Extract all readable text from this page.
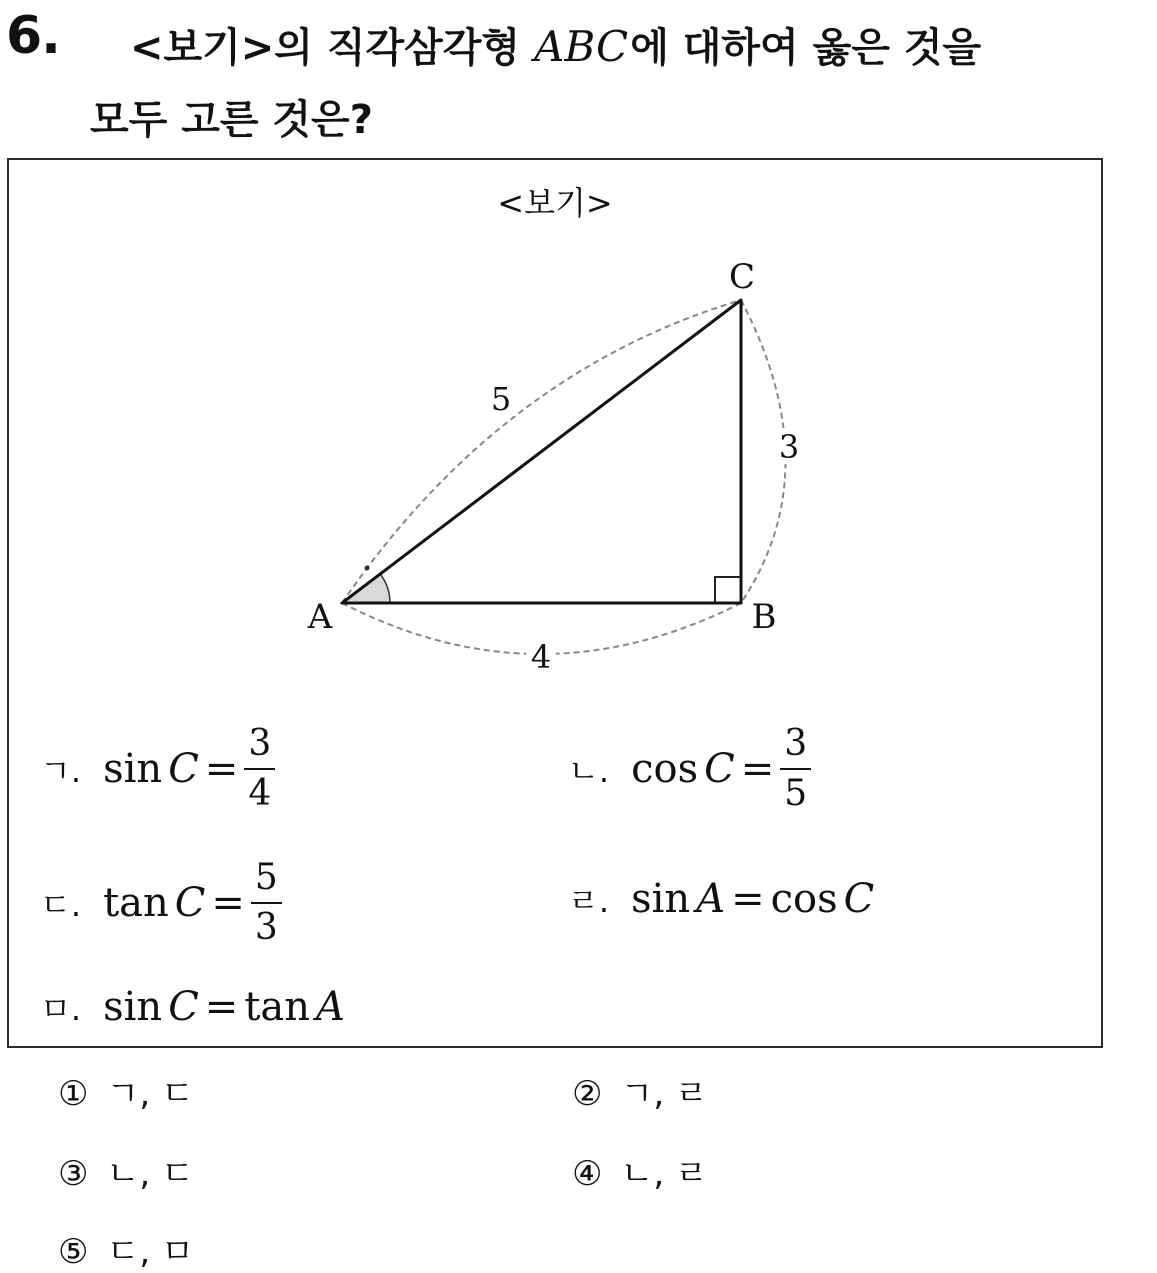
6. <보기>의 직각삼각형 ABC에 대하여 옳은 것을
모두 고른 것은?
<보기>
C
A	B
5
3
4
ㄱ. $\sin C = \frac{3}{4}$	ㄴ. $\cos C = \frac{3}{5}$
ㄷ. $\tan C = \frac{5}{3}$	ㄹ. sin A = cos C
ㅁ. sin C = tan A
① ㄱ, ㄷ	② ㄱ, ㄹ
③ ㄴ, ㄷ	④ ㄴ, ㄹ
⑤ ㄷ, ㅁ
